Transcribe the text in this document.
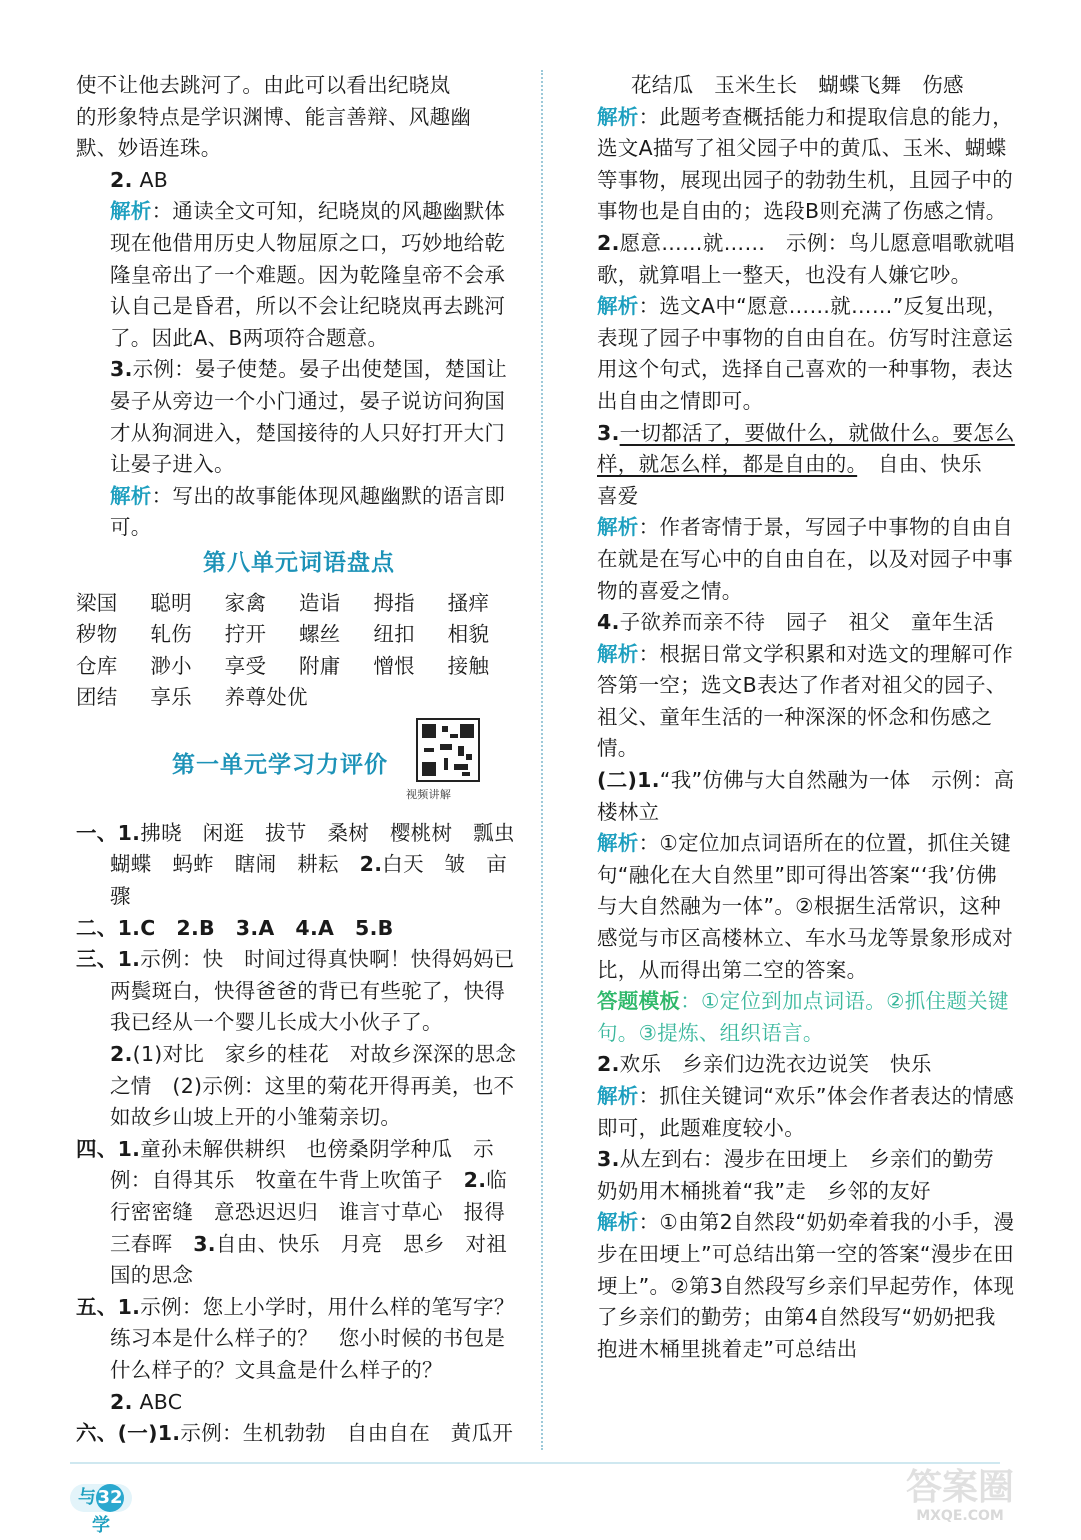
使不让他去跳河了。由此可以看出纪晓岚

的形象特点是学识渊博、能言善辩、风趣幽

默、妙语连珠。

2. AB

解析：通读全文可知，纪晓岚的风趣幽默体现在他借用历史人物屈原之口，巧妙地给乾隆皇帝出了一个难题。因为乾隆皇帝不会承认自己是昏君，所以不会让纪晓岚再去跳河了。因此A、B两项符合题意。

3.示例：晏子使楚。晏子出使楚国，楚国让晏子从旁边一个小门通过，晏子说访问狗国才从狗洞进入，楚国接待的人只好打开大门让晏子进入。

解析：写出的故事能体现风趣幽默的语言即可。

第八单元词语盘点
梁国	聪明	家禽	造诣	拇指	搔痒
秽物	轧伤	拧开	螺丝	纽扣	相貌
仓库	渺小	享受	附庸	憎恨	接触
团结	享乐	养尊处优
第一单元学习力评价
视频讲解

一、1.拂晓　闲逛　拔节　桑树　樱桃树　瓢虫　蝴蝶　蚂蚱　瞎闹　耕耘　 2.白天　皱　亩　骤

二、1.C　2.B　3.A　4.A　5.B

三、1.示例：快　时间过得真快啊！快得妈妈已两鬓斑白，快得爸爸的背已有些驼了，快得我已经从一个婴儿长成大小伙子了。

2.(1)对比　家乡的桂花　对故乡深深的思念之情　(2)示例：这里的菊花开得再美，也不如故乡山坡上开的小雏菊亲切。

四、1.童孙未解供耕织　也傍桑阴学种瓜　示例：自得其乐　牧童在牛背上吹笛子　 2.临行密密缝　意恐迟迟归　谁言寸草心　报得三春晖　 3.自由、快乐　月亮　思乡　对祖国的思念

五、1.示例：您上小学时，用什么样的笔写字？练习本是什么样子的？　您小时候的书包是什么样子的？文具盒是什么样子的？

2. ABC

六、(一)1.示例：生机勃勃　自由自在　黄瓜开

花结瓜　玉米生长　蝴蝶飞舞　伤感

解析：此题考查概括能力和提取信息的能力，选文A描写了祖父园子中的黄瓜、玉米、蝴蝶等事物，展现出园子的勃勃生机，且园子中的事物也是自由的；选段B则充满了伤感之情。

2.愿意……就……　示例：鸟儿愿意唱歌就唱歌，就算唱上一整天，也没有人嫌它吵。

解析：选文A中“愿意……就……”反复出现，表现了园子中事物的自由自在。仿写时注意运用这个句式，选择自己喜欢的一种事物，表达出自由之情即可。

3.一切都活了，要做什么，就做什么。要怎么样，就怎么样，都是自由的。　自由、快乐　喜爱

解析：作者寄情于景，写园子中事物的自由自在就是在写心中的自由自在，以及对园子中事物的喜爱之情。

4.子欲养而亲不待　园子　祖父　童年生活

解析：根据日常文学积累和对选文的理解可作答第一空；选文B表达了作者对祖父的园子、祖父、童年生活的一种深深的怀念和伤感之情。

(二)1.“我”仿佛与大自然融为一体　示例：高楼林立

解析：①定位加点词语所在的位置，抓住关键句“融化在大自然里”即可得出答案“‘我’仿佛与大自然融为一体”。②根据生活常识，这种感觉与市区高楼林立、车水马龙等景象形成对比，从而得出第二空的答案。

答题模板：①定位到加点词语。②抓住题关键句。③提炼、组织语言。

2.欢乐　乡亲们边洗衣边说笑　快乐

解析：抓住关键词“欢乐”体会作者表达的情感即可，此题难度较小。

3.从左到右：漫步在田埂上　乡亲们的勤劳　奶奶用木桶挑着“我”走　乡邻的友好

解析：①由第2自然段“奶奶牵着我的小手，漫步在田埂上”可总结出第一空的答案“漫步在田埂上”。②第3自然段写乡亲们早起劳作，体现了乡亲们的勤劳；由第4自然段写“奶奶把我抱进木桶里挑着走”可总结出

与32学
答案圈
MXQE.COM
